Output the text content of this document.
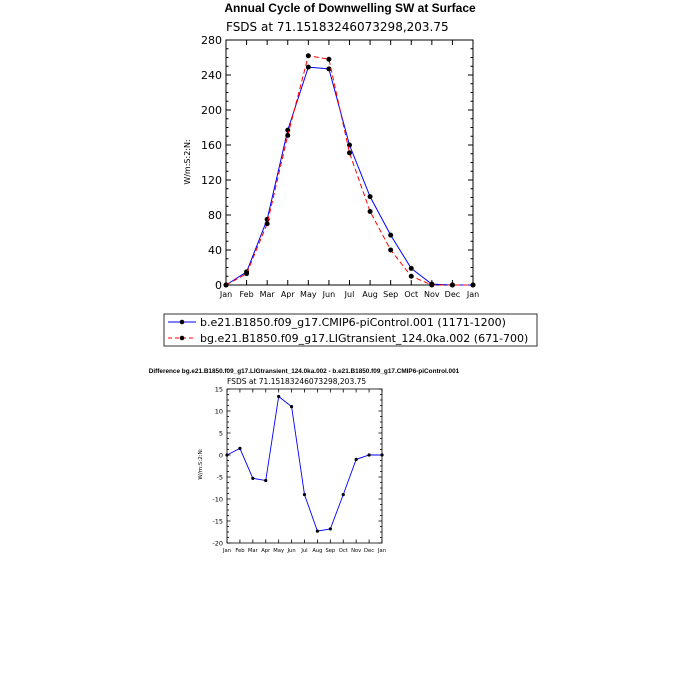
Annual Cycle of Downwelling SW at Surface
FSDS at 71.15183246073298,203.75
W/m:S:2:N:
0
40
80
120
160
200
240
280
Jan Feb Mar Apr May Jun Jul Aug Sep Oct Nov Dec Jan
b.e21.B1850.f09_g17.CMIP6-piControl.001 (1171-1200)
bg.e21.B1850.f09_g17.LIGtransient_124.0ka.002 (671-700)
Difference bg.e21.B1850.f09_g17.LIGtransient_124.0ka.002 - b.e21.B1850.f09_g17.CMIP6-piControl.001
FSDS at 71.15183246073298,203.75
W/m:S:2:N:
-20
-15
-10
-5
0
5
10
15
Jan Feb Mar Apr May Jun Jul Aug Sep Oct Nov Dec Jan
